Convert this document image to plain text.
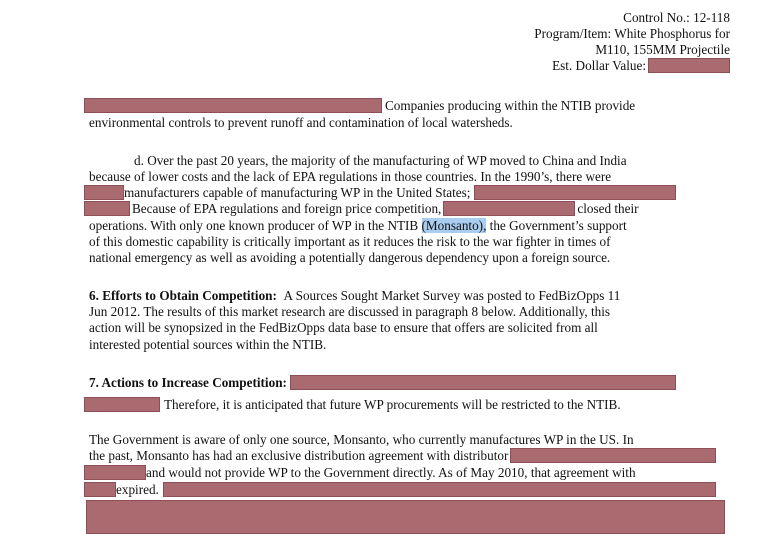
Control No.: 12-118
Program/Item: White Phosphorus for
M110, 155MM Projectile
Est. Dollar Value:
Companies producing within the NTIB provide
environmental controls to prevent runoff and contamination of local watersheds.
d. Over the past 20 years, the majority of the manufacturing of WP moved to China and India
because of lower costs and the lack of EPA regulations in those countries. In the 1990’s, there were
manufacturers capable of manufacturing WP in the United States;
Because of EPA regulations and foreign price competition,	closed their
operations. With only one known producer of WP in the NTIB (Monsanto), the Government’s support
of this domestic capability is critically important as it reduces the risk to the war fighter in times of
national emergency as well as avoiding a potentially dangerous dependency upon a foreign source.
6. Efforts to Obtain Competition: A Sources Sought Market Survey was posted to FedBizOpps 11
Jun 2012. The results of this market research are discussed in paragraph 8 below. Additionally, this
action will be synopsized in the FedBizOpps data base to ensure that offers are solicited from all
interested potential sources within the NTIB.
7. Actions to Increase Competition:
Therefore, it is anticipated that future WP procurements will be restricted to the NTIB.
The Government is aware of only one source, Monsanto, who currently manufactures WP in the US. In
the past, Monsanto has had an exclusive distribution agreement with distributor
and would not provide WP to the Government directly. As of May 2010, that agreement with
expired.
